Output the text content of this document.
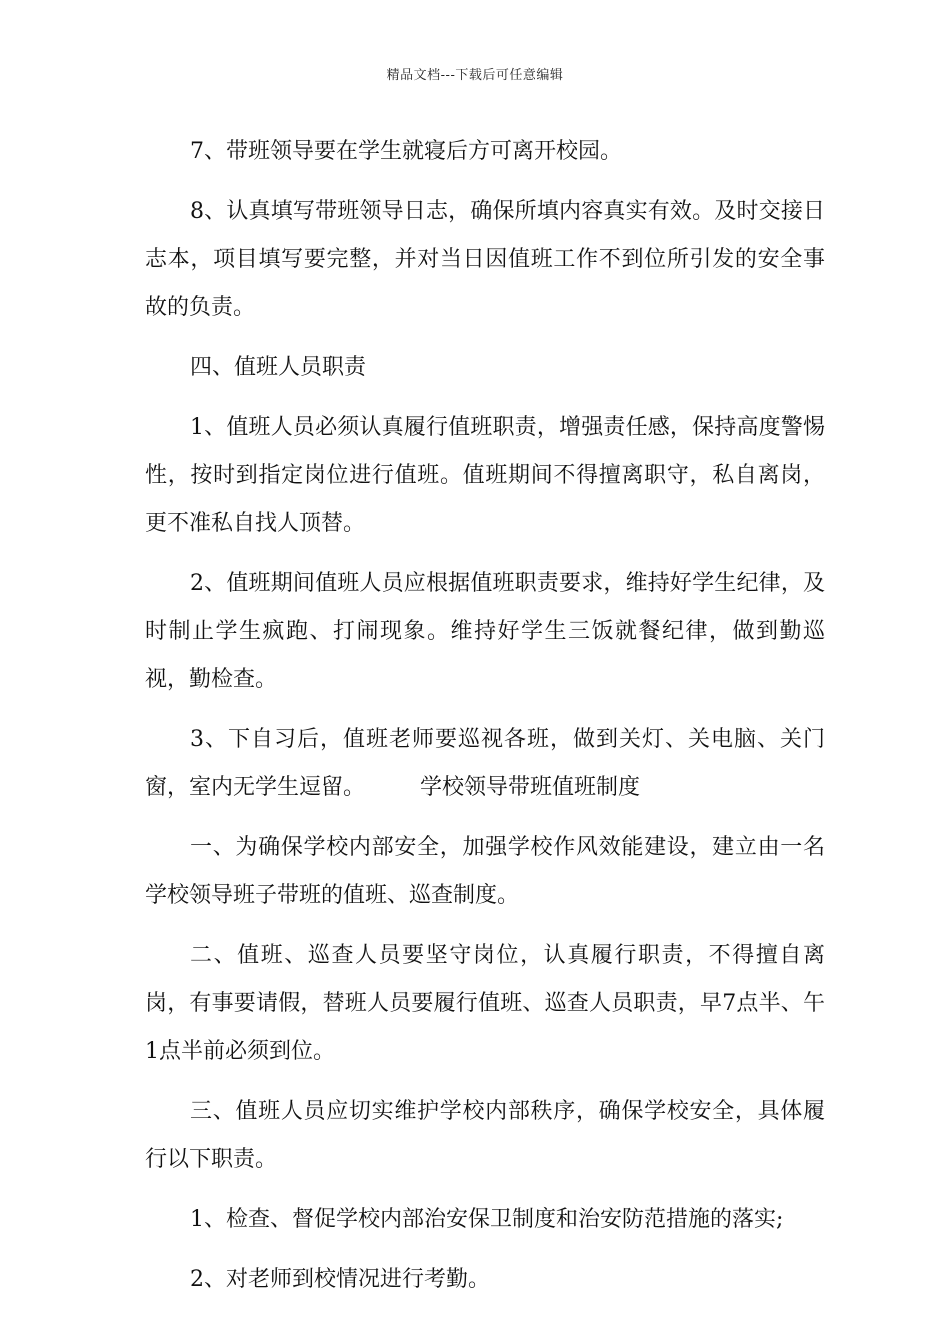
精品文档---下载后可任意编辑

7、带班领导要在学生就寝后方可离开校园。

8、认真填写带班领导日志，确保所填内容真实有效。及时交接日志本，项目填写要完整，并对当日因值班工作不到位所引发的安全事故的负责。

四、值班人员职责

1、值班人员必须认真履行值班职责，增强责任感，保持高度警惕性，按时到指定岗位进行值班。值班期间不得擅离职守，私自离岗，更不准私自找人顶替。

2、值班期间值班人员应根据值班职责要求，维持好学生纪律，及时制止学生疯跑、打闹现象。维持好学生三饭就餐纪律，做到勤巡视，勤检查。

3、下自习后，值班老师要巡视各班，做到关灯、关电脑、关门窗，室内无学生逗留。　　　学校领导带班值班制度

一、为确保学校内部安全，加强学校作风效能建设，建立由一名学校领导班子带班的值班、巡查制度。

二、值班、巡查人员要坚守岗位，认真履行职责，不得擅自离岗，有事要请假，替班人员要履行值班、巡查人员职责，早7点半、午1点半前必须到位。

三、值班人员应切实维护学校内部秩序，确保学校安全，具体履行以下职责。

1、检查、督促学校内部治安保卫制度和治安防范措施的落实;

2、对老师到校情况进行考勤。
